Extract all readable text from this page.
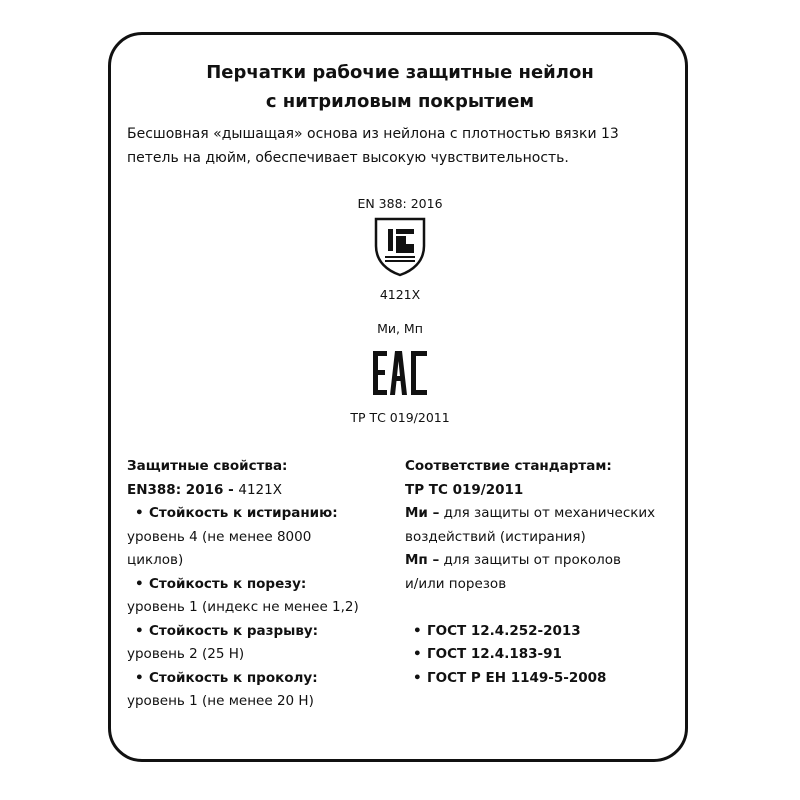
Перчатки рабочие защитные нейлон
с нитриловым покрытием
Бесшовная «дышащая» основа из нейлона с плотностью вязки 13
петель на дюйм, обеспечивает высокую чувствительность.
EN 388: 2016
4121X
Ми, Мп
ТР ТС 019/2011
Защитные свойства:
EN388: 2016 - 4121X
• Стойкость к истиранию:
уровень 4 (не менее 8000
циклов)
• Стойкость к порезу:
уровень 1 (индекс не менее 1,2)
• Стойкость к разрыву:
уровень 2 (25 Н)
• Стойкость к проколу:
уровень 1 (не менее 20 Н)
Соответствие стандартам:
ТР ТС 019/2011
Ми – для защиты от механических
воздействий (истирания)
Мп – для защиты от проколов
и/или порезов
• ГОСТ 12.4.252-2013
• ГОСТ 12.4.183-91
• ГОСТ Р ЕН 1149-5-2008
